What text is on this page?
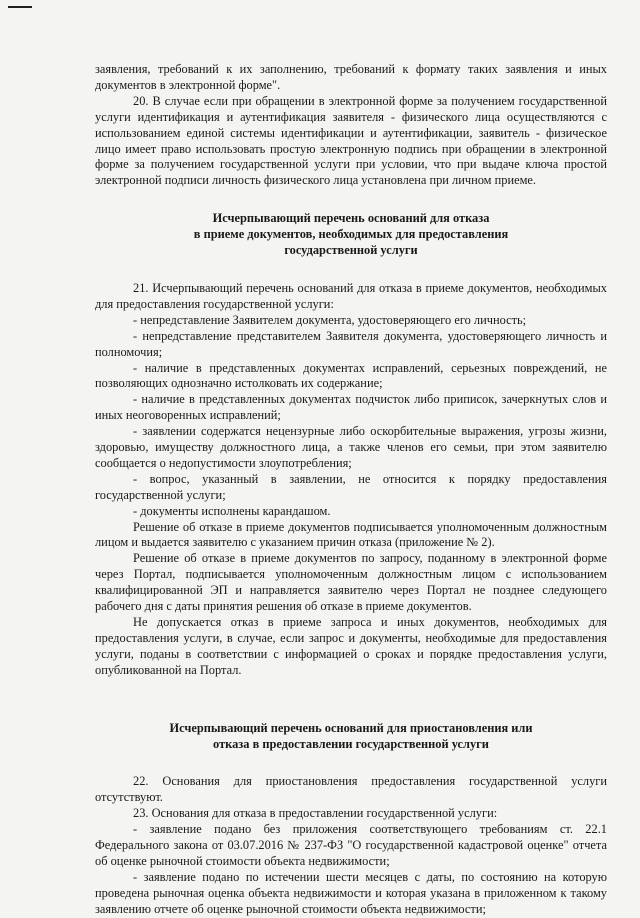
заявления, требований к их заполнению, требований к формату таких заявления и иных документов в электронной форме".

20. В случае если при обращении в электронной форме за получением государственной услуги идентификация и аутентификация заявителя - физического лица осуществляются с использованием единой системы идентификации и аутентификации, заявитель - физическое лицо имеет право использовать простую электронную подпись при обращении в электронной форме за получением государственной услуги при условии, что при выдаче ключа простой электронной подписи личность физического лица установлена при личном приеме.

Исчерпывающий перечень оснований для отказа

в приеме документов, необходимых для предоставления

государственной услуги

21. Исчерпывающий перечень оснований для отказа в приеме документов, необходимых для предоставления государственной услуги:

- непредставление Заявителем документа, удостоверяющего его личность;

- непредставление представителем Заявителя документа, удостоверяющего личность и полномочия;

- наличие в представленных документах исправлений, серьезных повреждений, не позволяющих однозначно истолковать их содержание;

- наличие в представленных документах подчисток либо приписок, зачеркнутых слов и иных неоговоренных исправлений;

- заявлении содержатся нецензурные либо оскорбительные выражения, угрозы жизни, здоровью, имуществу должностного лица, а также членов его семьи, при этом заявителю сообщается о недопустимости злоупотребления;

- вопрос, указанный в заявлении, не относится к порядку предоставления государственной услуги;

- документы исполнены карандашом.

Решение об отказе в приеме документов подписывается уполномоченным должностным лицом и выдается заявителю с указанием причин отказа (приложение № 2).

Решение об отказе в приеме документов по запросу, поданному в электронной форме через Портал, подписывается уполномоченным должностным лицом с использованием квалифицированной ЭП и направляется заявителю через Портал не позднее следующего рабочего дня с даты принятия решения об отказе в приеме документов.

Не допускается отказ в приеме запроса и иных документов, необходимых для предоставления услуги, в случае, если запрос и документы, необходимые для предоставления услуги, поданы в соответствии с информацией о сроках и порядке предоставления услуги, опубликованной на Портал.

Исчерпывающий перечень оснований для приостановления или

отказа в предоставлении государственной услуги

22. Основания для приостановления предоставления государственной услуги отсутствуют.

23. Основания для отказа в предоставлении государственной услуги:

- заявление подано без приложения соответствующего требованиям ст. 22.1 Федерального закона от 03.07.2016 № 237-ФЗ "О государственной кадастровой оценке" отчета об оценке рыночной стоимости объекта недвижимости;

- заявление подано по истечении шести месяцев с даты, по состоянию на которую проведена рыночная оценка объекта недвижимости и которая указана в приложенном к такому заявлению отчете об оценке рыночной стоимости объекта недвижимости;
